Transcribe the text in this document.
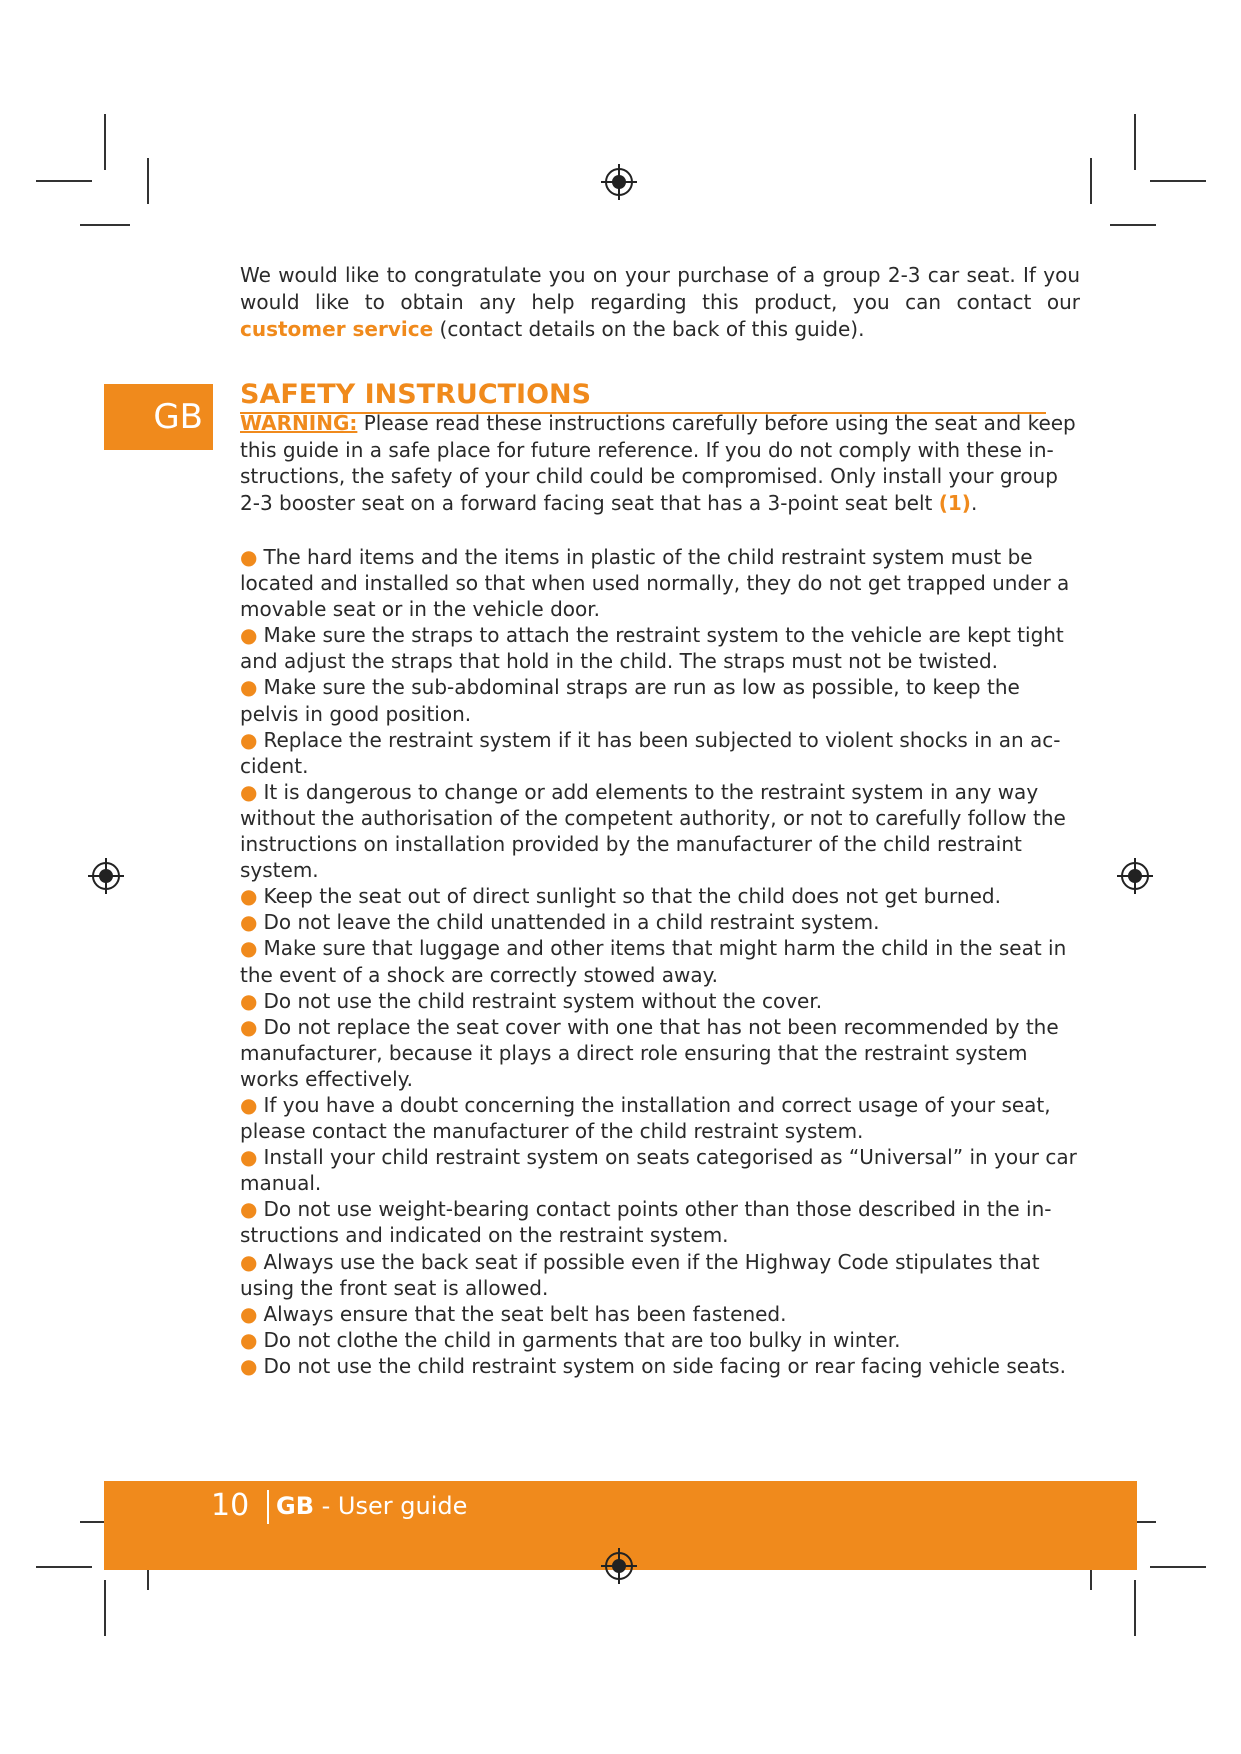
We would like to congratulate you on your purchase of a group 2-3 car seat. If you would like to obtain any help regarding this product, you can contact our customer service (contact details on the back of this guide).

GB
SAFETY INSTRUCTIONS

WARNING: Please read these instructions carefully before using the seat and keep this guide in a safe place for future reference. If you do not comply with these in-structions, the safety of your child could be compromised. Only install your group 2-3 booster seat on a forward facing seat that has a 3-point seat belt (1).

● The hard items and the items in plastic of the child restraint system must be located and installed so that when used normally, they do not get trapped under a movable seat or in the vehicle door.
● Make sure the straps to attach the restraint system to the vehicle are kept tight and adjust the straps that hold in the child. The straps must not be twisted.
● Make sure the sub-abdominal straps are run as low as possible, to keep the pelvis in good position.
● Replace the restraint system if it has been subjected to violent shocks in an ac-cident.
● It is dangerous to change or add elements to the restraint system in any way without the authorisation of the competent authority, or not to carefully follow the instructions on installation provided by the manufacturer of the child restraint system.
● Keep the seat out of direct sunlight so that the child does not get burned.
● Do not leave the child unattended in a child restraint system.
● Make sure that luggage and other items that might harm the child in the seat in the event of a shock are correctly stowed away.
● Do not use the child restraint system without the cover.
● Do not replace the seat cover with one that has not been recommended by the manufacturer, because it plays a direct role ensuring that the restraint system works effectively.
● If you have a doubt concerning the installation and correct usage of your seat, please contact the manufacturer of the child restraint system.
● Install your child restraint system on seats categorised as “Universal” in your car manual.
● Do not use weight-bearing contact points other than those described in the in-structions and indicated on the restraint system.
● Always use the back seat if possible even if the Highway Code stipulates that using the front seat is allowed.
● Always ensure that the seat belt has been fastened.
● Do not clothe the child in garments that are too bulky in winter.
● Do not use the child restraint system on side facing or rear facing vehicle seats.
10 GB - User guide
